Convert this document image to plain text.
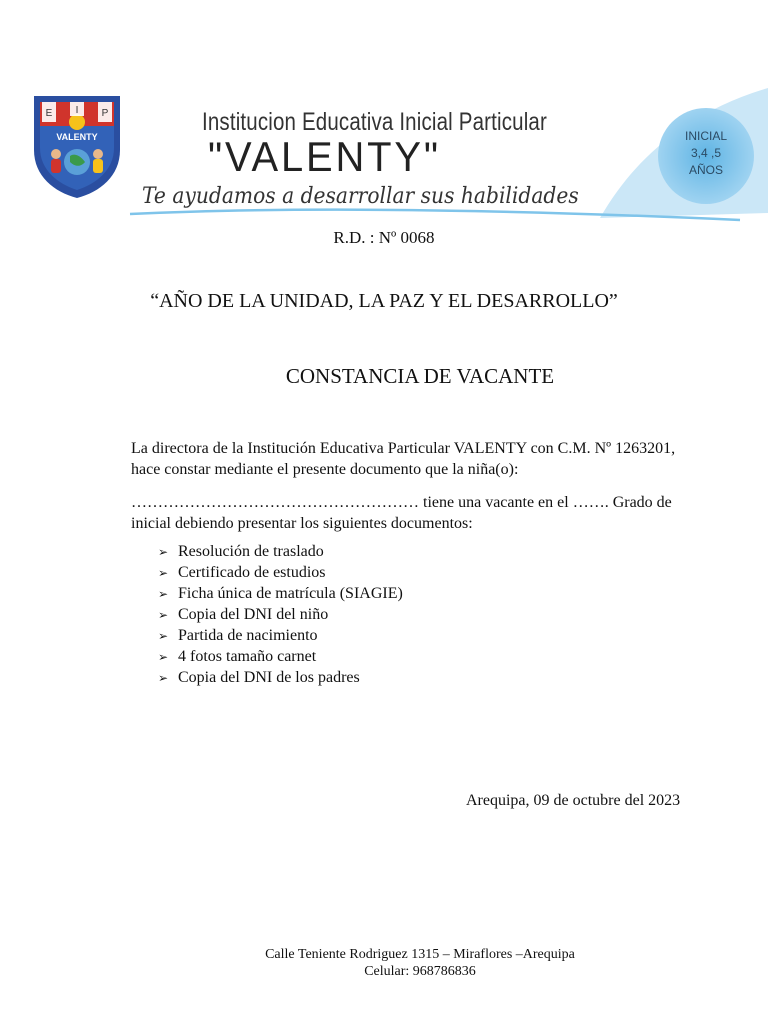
E I P
VALENTY
Institucion Educativa Inicial Particular
"VALENTY"
Te ayudamos a desarrollar sus habilidades
INICIAL
3,4 ,5
AÑOS
R.D. : Nº 0068
“AÑO DE LA UNIDAD, LA PAZ Y EL DESARROLLO”
CONSTANCIA DE VACANTE
La directora de la Institución Educativa Particular VALENTY con C.M. Nº 1263201, hace constar mediante el presente documento que la niña(o):
……………………………………………… tiene una vacante en el ……. Grado de inicial debiendo presentar los siguientes documentos:
➢ Resolución de traslado
➢ Certificado de estudios
➢ Ficha única de matrícula (SIAGIE)
➢ Copia del DNI del niño
➢ Partida de nacimiento
➢ 4 fotos tamaño carnet
➢ Copia del DNI de los padres
Arequipa, 09 de octubre del 2023
Calle Teniente Rodriguez 1315 – Miraflores –Arequipa
Celular: 968786836
